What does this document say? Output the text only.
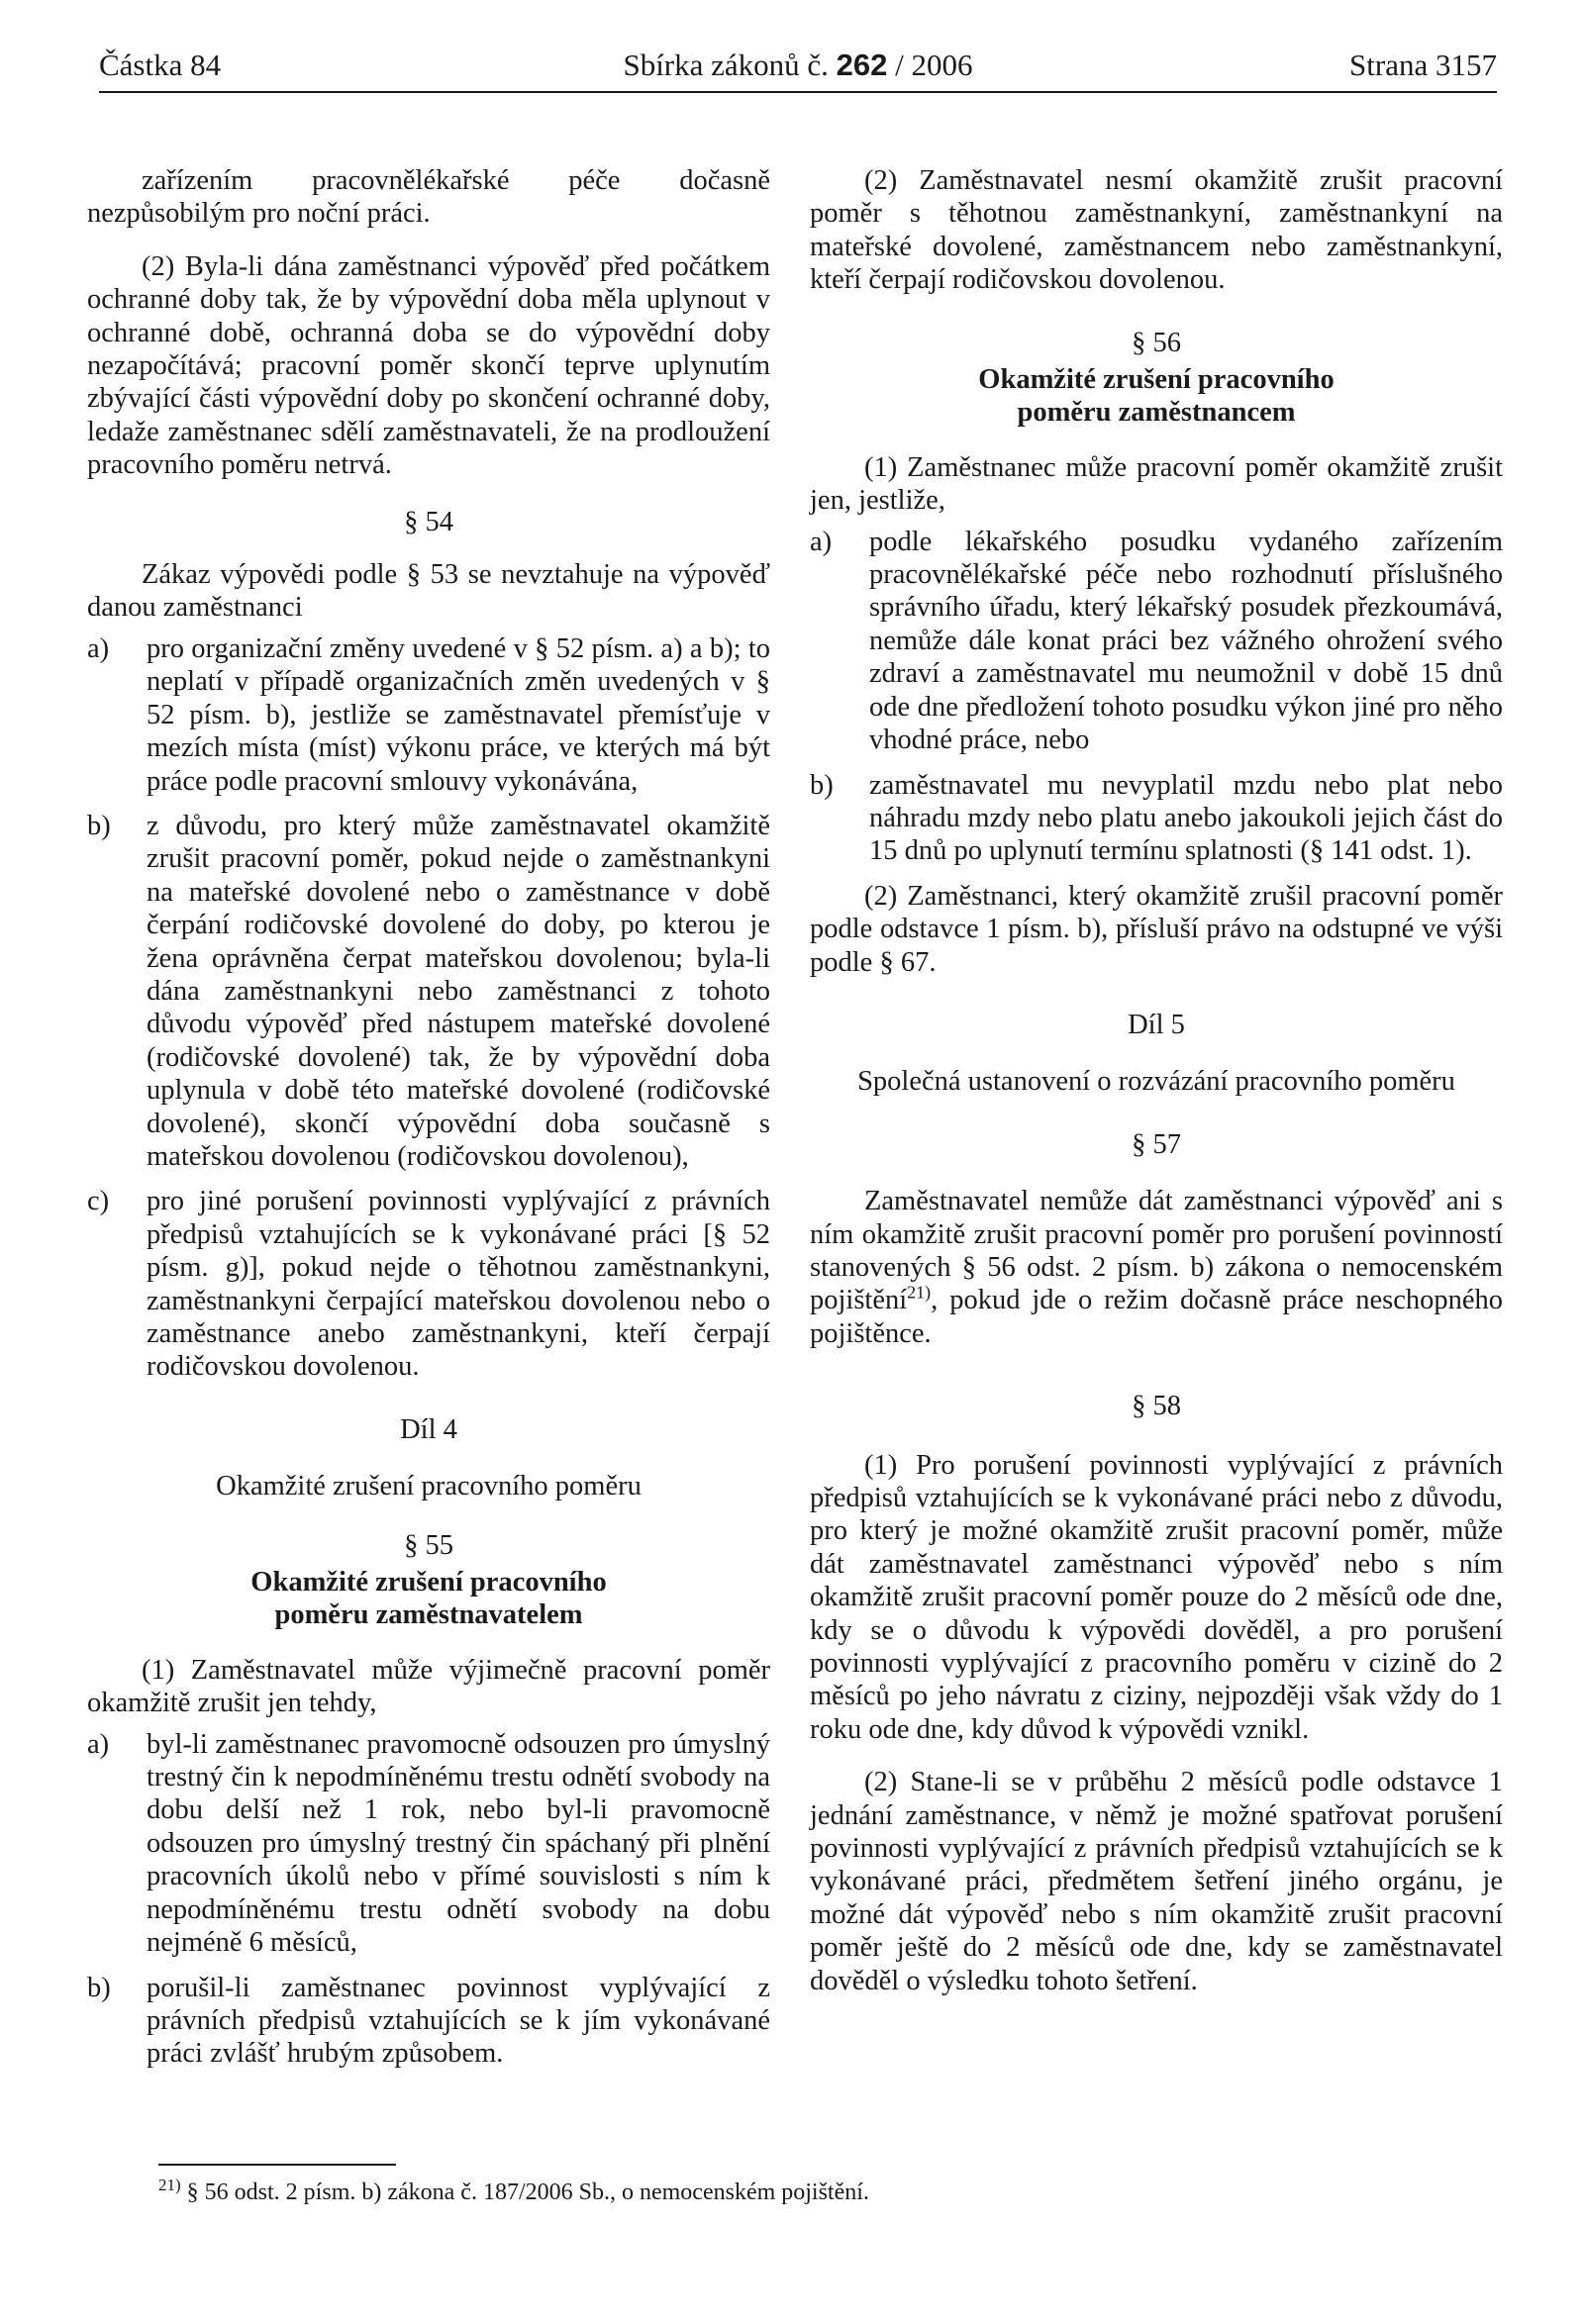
Částka 84	Sbírka zákonů č. 262 / 2006	Strana 3157

zařízením pracovnělékařské péče dočasně nezpůsobilým pro noční práci.

(2) Byla-li dána zaměstnanci výpověď před počátkem ochranné doby tak, že by výpovědní doba měla uplynout v ochranné době, ochranná doba se do výpovědní doby nezapočítává; pracovní poměr skončí teprve uplynutím zbývající části výpovědní doby po skončení ochranné doby, ledaže zaměstnanec sdělí zaměstnavateli, že na prodloužení pracovního poměru netrvá.

§ 54

Zákaz výpovědi podle § 53 se nevztahuje na výpověď danou zaměstnanci

a)	pro organizační změny uvedené v § 52 písm. a) a b); to neplatí v případě organizačních změn uvedených v § 52 písm. b), jestliže se zaměstnavatel přemísťuje v mezích místa (míst) výkonu práce, ve kterých má být práce podle pracovní smlouvy vykonávána,
b)	z důvodu, pro který může zaměstnavatel okamžitě zrušit pracovní poměr, pokud nejde o zaměstnankyni na mateřské dovolené nebo o zaměstnance v době čerpání rodičovské dovolené do doby, po kterou je žena oprávněna čerpat mateřskou dovolenou; byla-li dána zaměstnankyni nebo zaměstnanci z tohoto důvodu výpověď před nástupem mateřské dovolené (rodičovské dovolené) tak, že by výpovědní doba uplynula v době této mateřské dovolené (rodičovské dovolené), skončí výpovědní doba současně s mateřskou dovolenou (rodičovskou dovolenou),
c)	pro jiné porušení povinnosti vyplývající z právních předpisů vztahujících se k vykonávané práci [§ 52 písm. g)], pokud nejde o těhotnou zaměstnankyni, zaměstnankyni čerpající mateřskou dovolenou nebo o zaměstnance anebo zaměstnankyni, kteří čerpají rodičovskou dovolenou.
Díl 4
Okamžité zrušení pracovního poměru
§ 55
Okamžité zrušení pracovního
poměru zaměstnavatelem

(1) Zaměstnavatel může výjimečně pracovní poměr okamžitě zrušit jen tehdy,

a)	byl-li zaměstnanec pravomocně odsouzen pro úmyslný trestný čin k nepodmíněnému trestu odnětí svobody na dobu delší než 1 rok, nebo byl-li pravomocně odsouzen pro úmyslný trestný čin spáchaný při plnění pracovních úkolů nebo v přímé souvislosti s ním k nepodmíněnému trestu odnětí svobody na dobu nejméně 6 měsíců,
b)	porušil-li zaměstnanec povinnost vyplývající z právních předpisů vztahujících se k jím vykonávané práci zvlášť hrubým způsobem.

(2) Zaměstnavatel nesmí okamžitě zrušit pracovní poměr s těhotnou zaměstnankyní, zaměstnankyní na mateřské dovolené, zaměstnancem nebo zaměstnankyní, kteří čerpají rodičovskou dovolenou.

§ 56
Okamžité zrušení pracovního
poměru zaměstnancem

(1) Zaměstnanec může pracovní poměr okamžitě zrušit jen, jestliže,

a)	podle lékařského posudku vydaného zařízením pracovnělékařské péče nebo rozhodnutí příslušného správního úřadu, který lékařský posudek přezkoumává, nemůže dále konat práci bez vážného ohrožení svého zdraví a zaměstnavatel mu neumožnil v době 15 dnů ode dne předložení tohoto posudku výkon jiné pro něho vhodné práce, nebo
b)	zaměstnavatel mu nevyplatil mzdu nebo plat nebo náhradu mzdy nebo platu anebo jakoukoli jejich část do 15 dnů po uplynutí termínu splatnosti (§ 141 odst. 1).

(2) Zaměstnanci, který okamžitě zrušil pracovní poměr podle odstavce 1 písm. b), přísluší právo na odstupné ve výši podle § 67.

Díl 5
Společná ustanovení o rozvázání pracovního poměru
§ 57

Zaměstnavatel nemůže dát zaměstnanci výpověď ani s ním okamžitě zrušit pracovní poměr pro porušení povinností stanovených § 56 odst. 2 písm. b) zákona o nemocenském pojištění$^{21)}$, pokud jde o režim dočasně práce neschopného pojištěnce.

§ 58

(1) Pro porušení povinnosti vyplývající z právních předpisů vztahujících se k vykonávané práci nebo z důvodu, pro který je možné okamžitě zrušit pracovní poměr, může dát zaměstnavatel zaměstnanci výpověď nebo s ním okamžitě zrušit pracovní poměr pouze do 2 měsíců ode dne, kdy se o důvodu k výpovědi dověděl, a pro porušení povinnosti vyplývající z pracovního poměru v cizině do 2 měsíců po jeho návratu z ciziny, nejpozději však vždy do 1 roku ode dne, kdy důvod k výpovědi vznikl.

(2) Stane-li se v průběhu 2 měsíců podle odstavce 1 jednání zaměstnance, v němž je možné spatřovat porušení povinnosti vyplývající z právních předpisů vztahujících se k vykonávané práci, předmětem šetření jiného orgánu, je možné dát výpověď nebo s ním okamžitě zrušit pracovní poměr ještě do 2 měsíců ode dne, kdy se zaměstnavatel dověděl o výsledku tohoto šetření.

$^{21)}$ § 56 odst. 2 písm. b) zákona č. 187/2006 Sb., o nemocenském pojištění.
